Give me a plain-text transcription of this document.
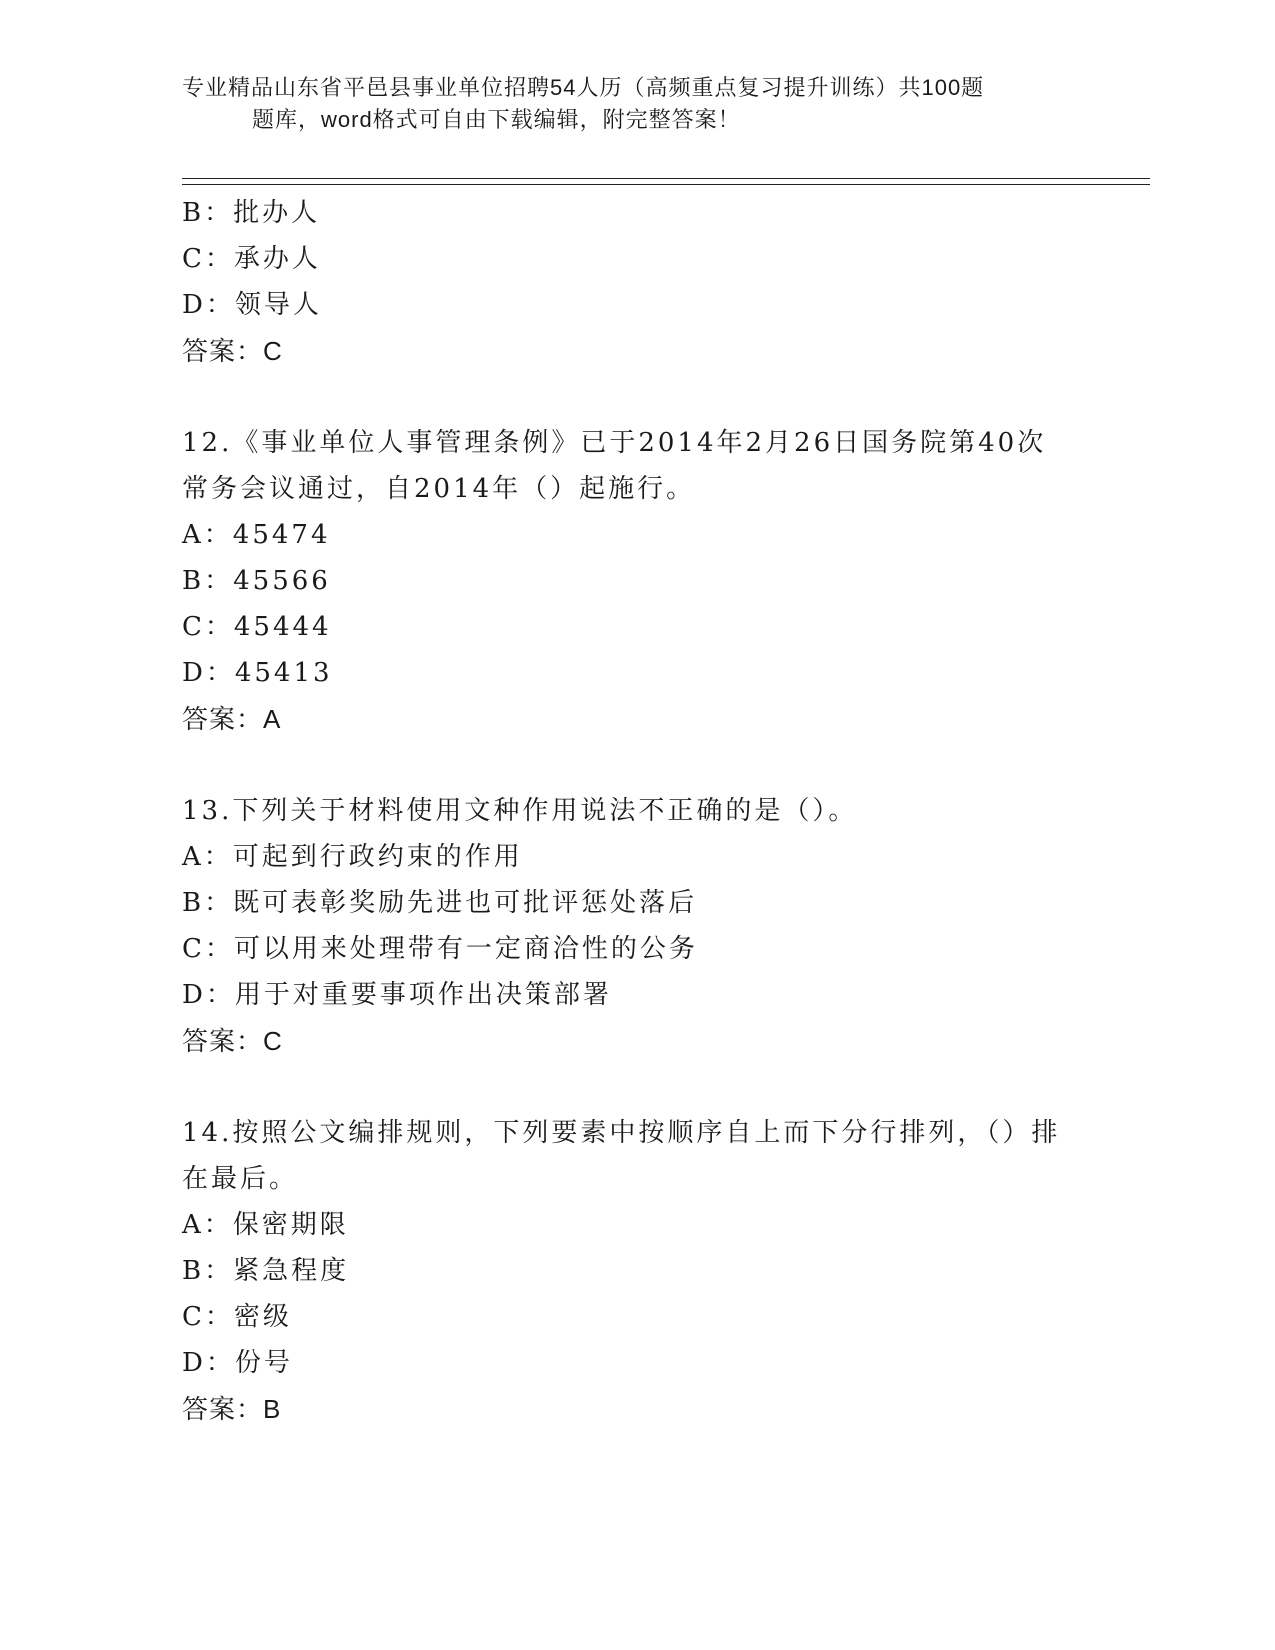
专业精品山东省平邑县事业单位招聘54人历（高频重点复习提升训练）共100题
题库，word格式可自由下载编辑，附完整答案！
B：批办人
C：承办人
D：领导人
答案：C
12.《事业单位人事管理条例》已于2014年2月26日国务院第40次
常务会议通过，自2014年（）起施行。
A：45474
B：45566
C：45444
D：45413
答案：A
13.下列关于材料使用文种作用说法不正确的是（）。
A：可起到行政约束的作用
B：既可表彰奖励先进也可批评惩处落后
C：可以用来处理带有一定商洽性的公务
D：用于对重要事项作出决策部署
答案：C
14.按照公文编排规则，下列要素中按顺序自上而下分行排列，（）排
在最后。
A：保密期限
B：紧急程度
C：密级
D：份号
答案：B
